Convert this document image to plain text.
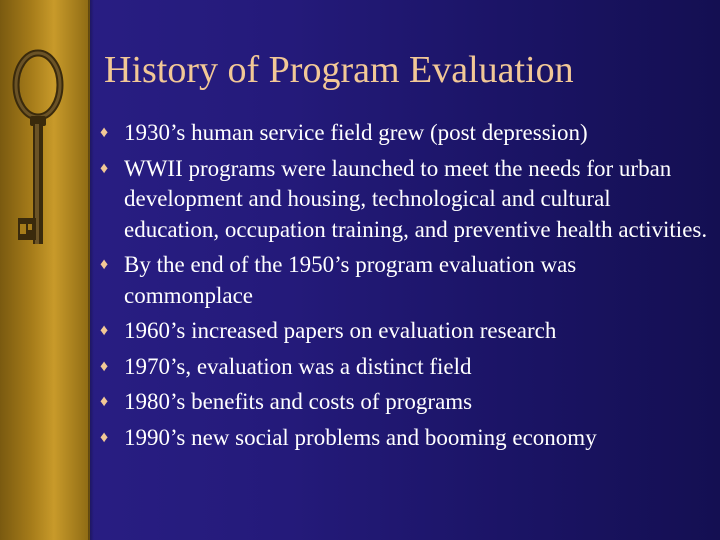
History of Program Evaluation
♦ 1930’s human service field grew (post depression)
♦ WWII programs were launched to meet the needs for urban development and housing, technological and cultural education, occupation training, and preventive health activities.
♦ By the end of the 1950’s program evaluation was commonplace
♦ 1960’s increased papers on evaluation research
♦ 1970’s, evaluation was a distinct field
♦ 1980’s benefits and costs of programs
♦ 1990’s new social problems and booming economy
